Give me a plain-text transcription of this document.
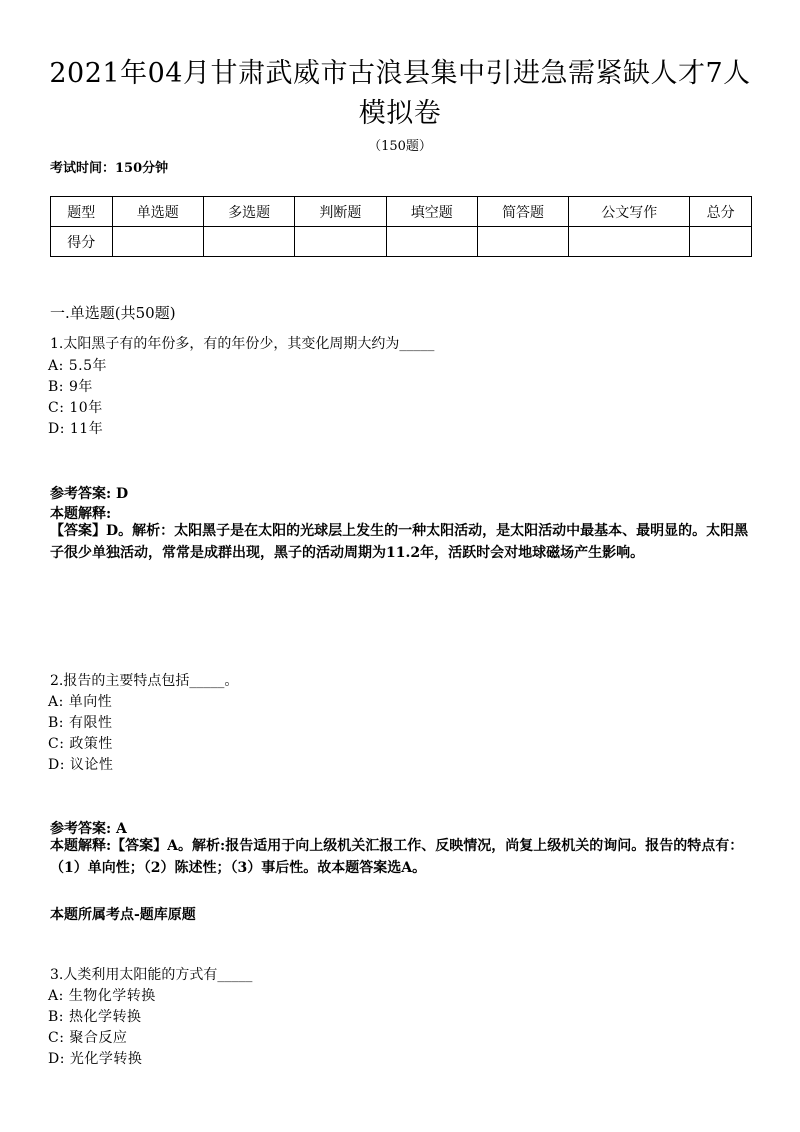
2021年04月甘肃武威市古浪县集中引进急需紧缺人才7人模拟卷
（150题）
考试时间：150分钟
题型	单选题	多选题	判断题	填空题	简答题	公文写作	总分
得分							
一.单选题(共50题)
1.太阳黑子有的年份多，有的年份少，其变化周期大约为_____
A: 5.5年
B: 9年
C: 10年
D: 11年
参考答案: D
本题解释:
【答案】D。解析：太阳黑子是在太阳的光球层上发生的一种太阳活动，是太阳活动中最基本、最明显的。太阳黑子很少单独活动，常常是成群出现，黑子的活动周期为11.2年，活跃时会对地球磁场产生影响。
2.报告的主要特点包括_____。
A: 单向性
B: 有限性
C: 政策性
D: 议论性
参考答案: A
本题解释:【答案】A。解析:报告适用于向上级机关汇报工作、反映情况，尚复上级机关的询问。报告的特点有：（1）单向性；（2）陈述性；（3）事后性。故本题答案选A。
本题所属考点-题库原题
3.人类利用太阳能的方式有_____
A: 生物化学转换
B: 热化学转换
C: 聚合反应
D: 光化学转换
